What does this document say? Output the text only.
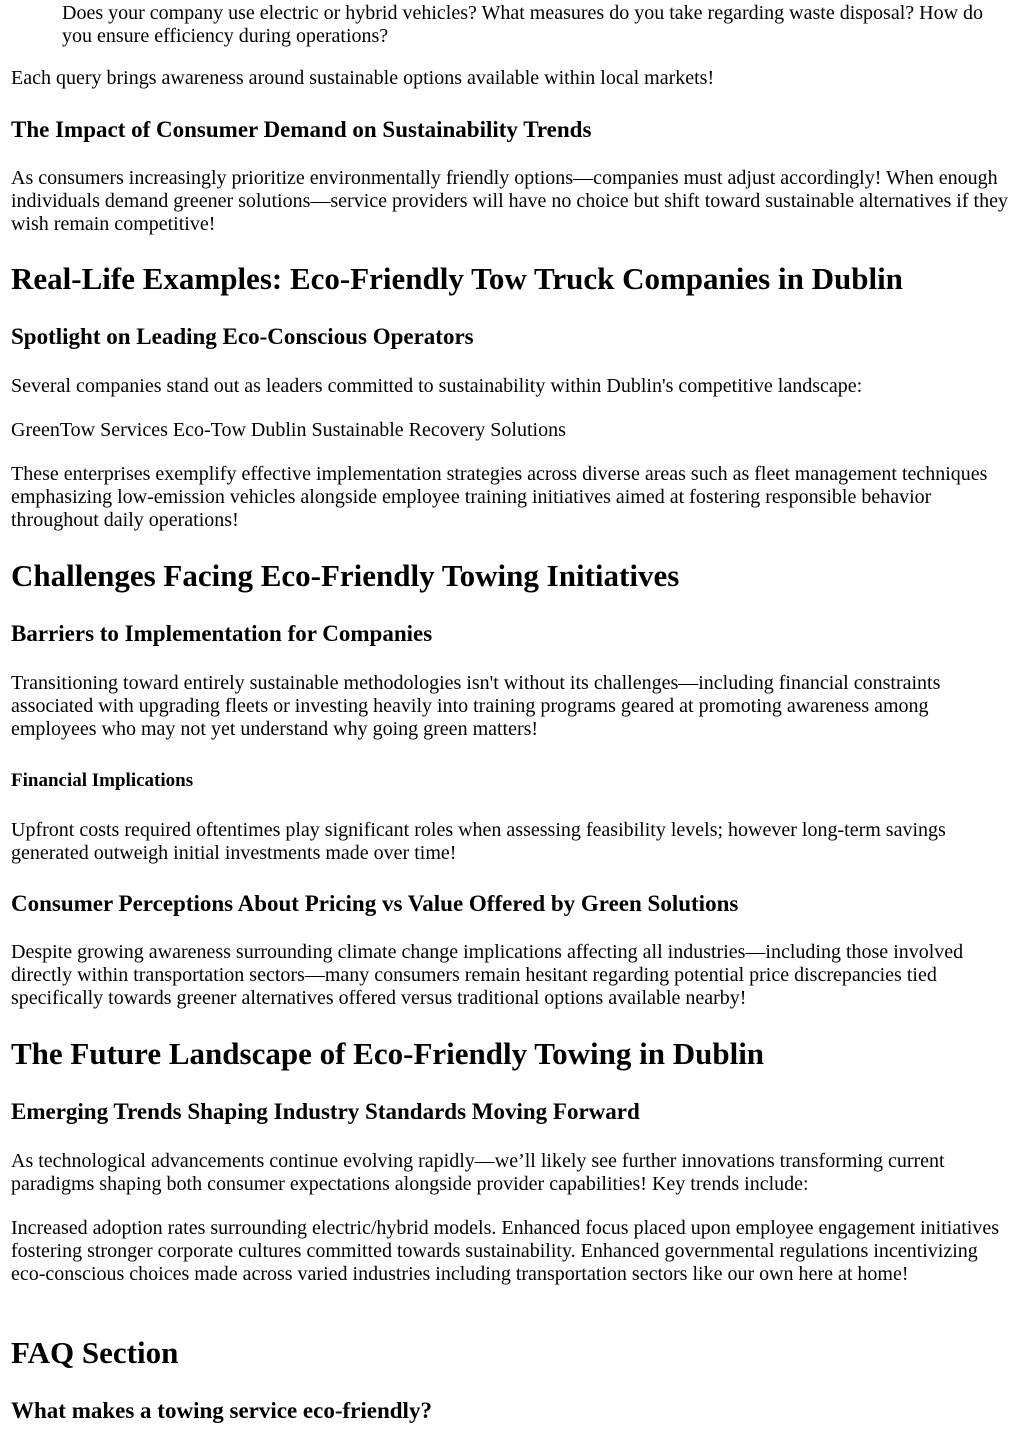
Does your company use electric or hybrid vehicles? What measures do you take regarding waste disposal? How do you ensure efficiency during operations?

Each query brings awareness around sustainable options available within local markets!

The Impact of Consumer Demand on Sustainability Trends

As consumers increasingly prioritize environmentally friendly options—companies must adjust accordingly! When enough individuals demand greener solutions—service providers will have no choice but shift toward sustainable alternatives if they wish remain competitive!

Real-Life Examples: Eco-Friendly Tow Truck Companies in Dublin
Spotlight on Leading Eco-Conscious Operators

Several companies stand out as leaders committed to sustainability within Dublin's competitive landscape:

GreenTow Services Eco-Tow Dublin Sustainable Recovery Solutions

These enterprises exemplify effective implementation strategies across diverse areas such as fleet management techniques emphasizing low-emission vehicles alongside employee training initiatives aimed at fostering responsible behavior throughout daily operations!

Challenges Facing Eco-Friendly Towing Initiatives
Barriers to Implementation for Companies

Transitioning toward entirely sustainable methodologies isn't without its challenges—including financial constraints associated with upgrading fleets or investing heavily into training programs geared at promoting awareness among employees who may not yet understand why going green matters!

Financial Implications

Upfront costs required oftentimes play significant roles when assessing feasibility levels; however long-term savings generated outweigh initial investments made over time!

Consumer Perceptions About Pricing vs Value Offered by Green Solutions

Despite growing awareness surrounding climate change implications affecting all industries—including those involved directly within transportation sectors—many consumers remain hesitant regarding potential price discrepancies tied specifically towards greener alternatives offered versus traditional options available nearby!

The Future Landscape of Eco-Friendly Towing in Dublin
Emerging Trends Shaping Industry Standards Moving Forward

As technological advancements continue evolving rapidly—we’ll likely see further innovations transforming current paradigms shaping both consumer expectations alongside provider capabilities! Key trends include:

Increased adoption rates surrounding electric/hybrid models. Enhanced focus placed upon employee engagement initiatives fostering stronger corporate cultures committed towards sustainability. Enhanced governmental regulations incentivizing eco-conscious choices made across varied industries including transportation sectors like our own here at home!

FAQ Section
What makes a towing service eco-friendly?
